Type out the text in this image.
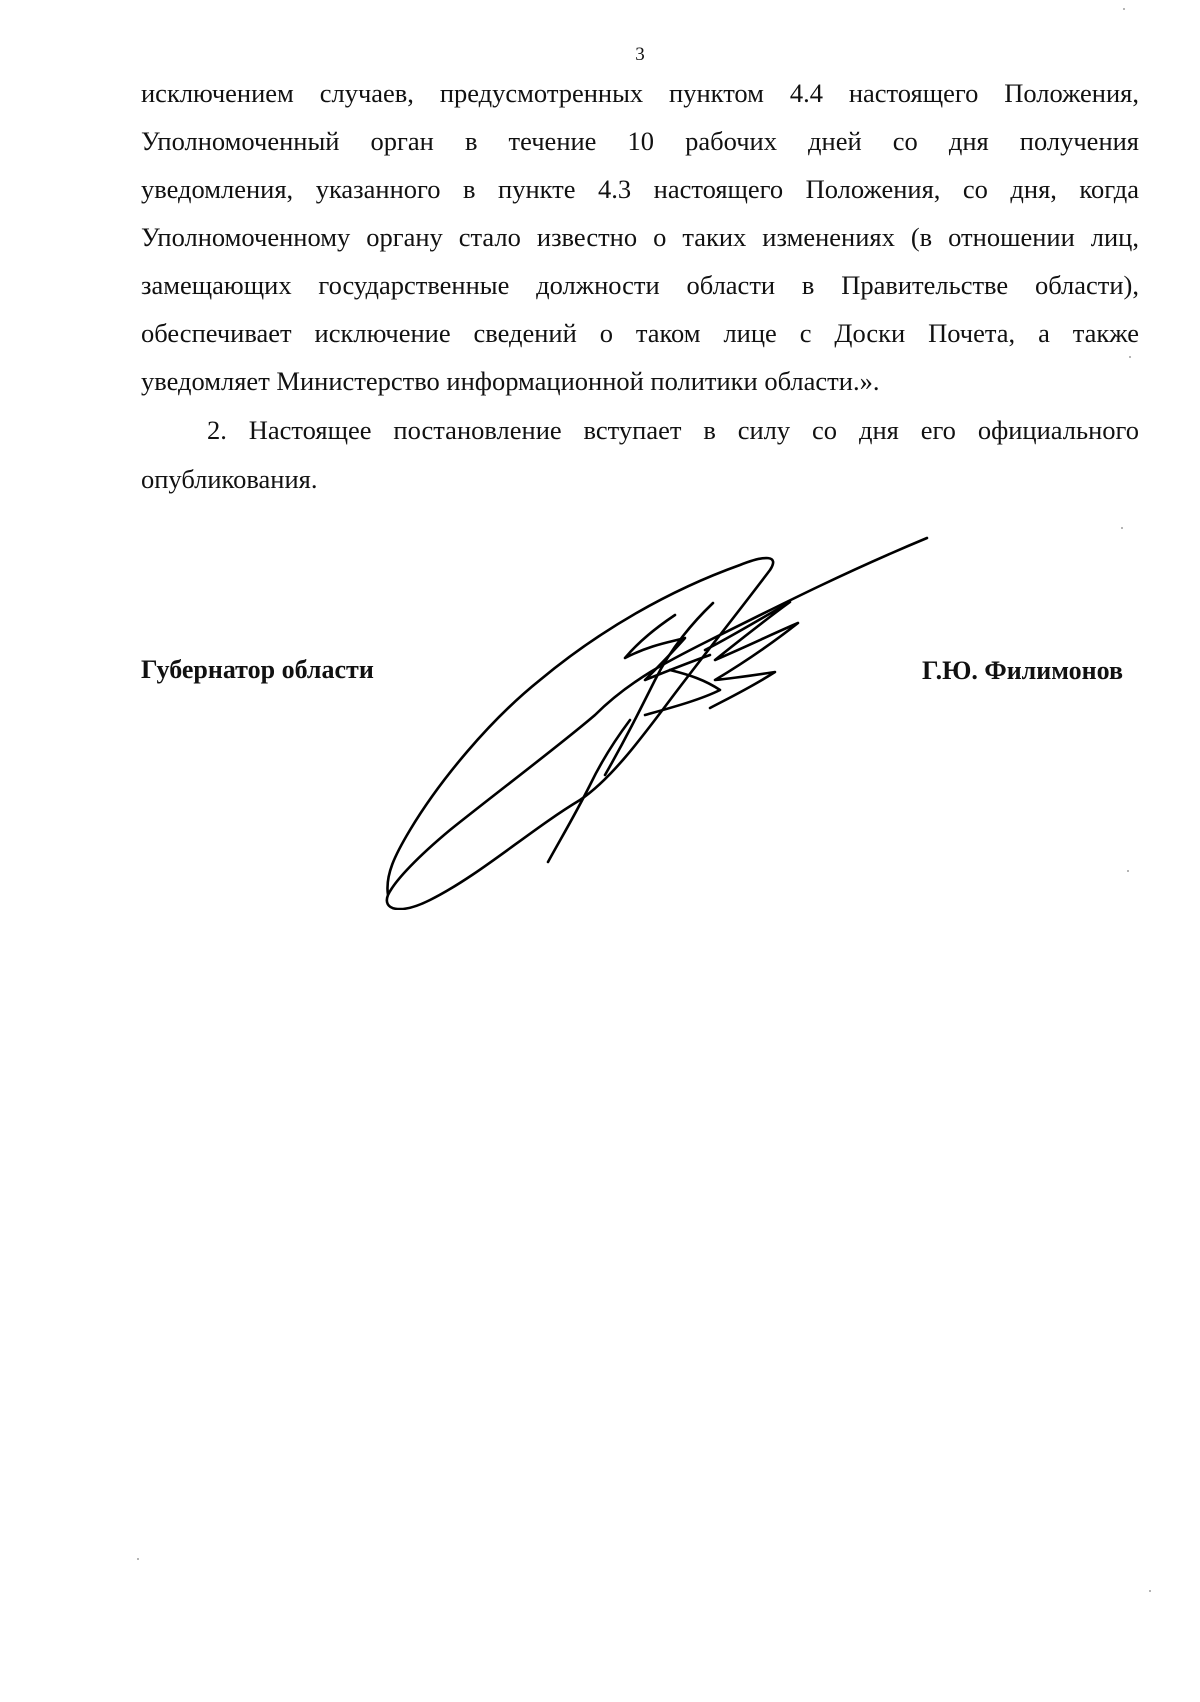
3
исключением случаев, предусмотренных пунктом 4.4 настоящего Положения,
Уполномоченный орган в течение 10 рабочих дней со дня получения
уведомления, указанного в пункте 4.3 настоящего Положения, со дня, когда
Уполномоченному органу стало известно о таких изменениях (в отношении лиц,
замещающих государственные должности области в Правительстве области),
обеспечивает исключение сведений о таком лице с Доски Почета, а также
уведомляет Министерство информационной политики области.».
2. Настоящее постановление вступает в силу со дня его официального
опубликования.
Губернатор области	Г.Ю. Филимонов
